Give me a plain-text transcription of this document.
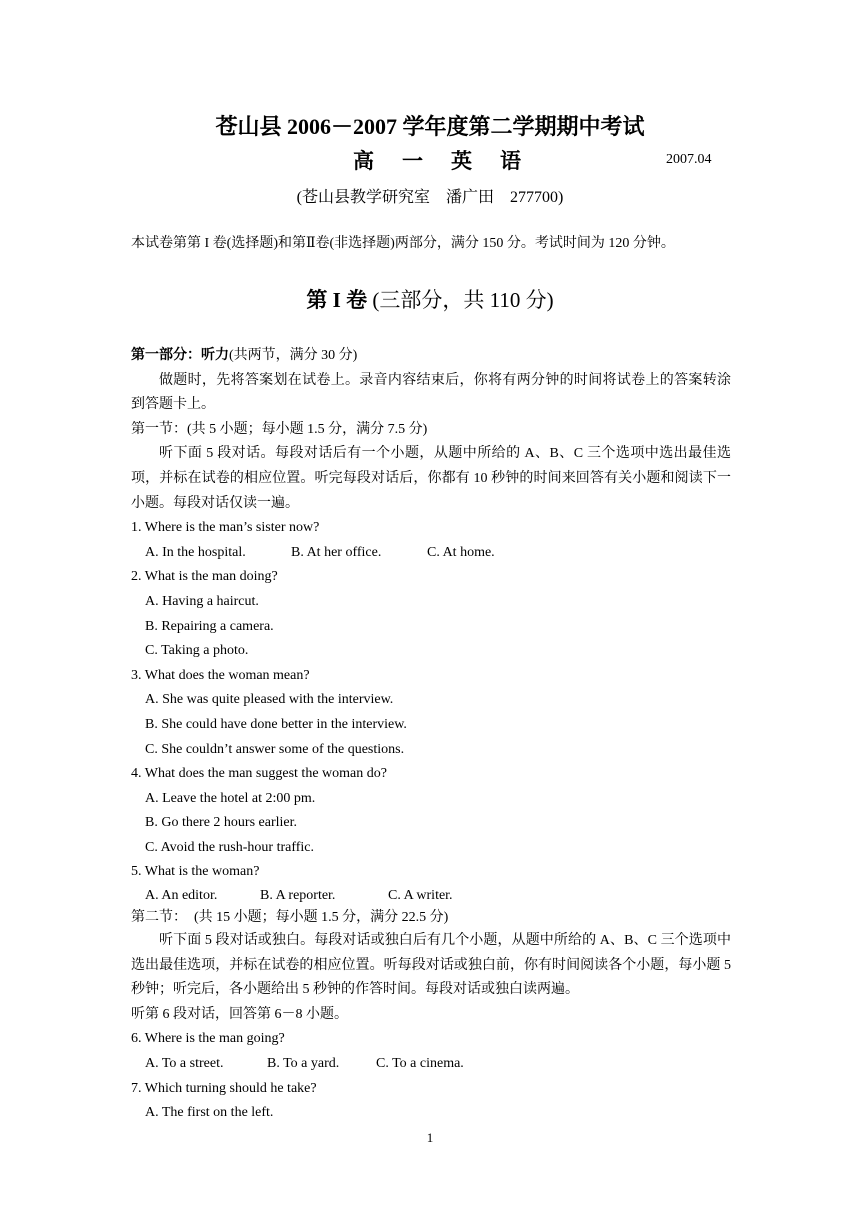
苍山县 2006－2007 学年度第二学期期中考试
高 一 英 语	2007.04
(苍山县教学研究室　潘广田　277700)
本试卷第第 I 卷(选择题)和第Ⅱ卷(非选择题)两部分，满分 150 分。考试时间为 120 分钟。
第 I 卷 (三部分，共 110 分)

第一部分：听力(共两节，满分 30 分)

做题时，先将答案划在试卷上。录音内容结束后，你将有两分钟的时间将试卷上的答案转涂到答题卡上。

第一节：(共 5 小题；每小题 1.5 分，满分 7.5 分)

听下面 5 段对话。每段对话后有一个小题，从题中所给的 A、B、C 三个选项中选出最佳选项，并标在试卷的相应位置。听完每段对话后，你都有 10 秒钟的时间来回答有关小题和阅读下一小题。每段对话仅读一遍。

1. Where is the man’s sister now?

A. In the hospital.	B. At her office.	C. At home.

2. What is the man doing?

A. Having a haircut.

B. Repairing a camera.

C. Taking a photo.

3. What does the woman mean?

A. She was quite pleased with the interview.

B. She could have done better in the interview.

C. She couldn’t answer some of the questions.

4. What does the man suggest the woman do?

A. Leave the hotel at 2:00 pm.

B. Go there 2 hours earlier.

C. Avoid the rush-hour traffic.

5. What is the woman?

A. An editor.	B. A reporter.	C. A writer.

第二节：　(共 15 小题；每小题 1.5 分，满分 22.5 分)

听下面 5 段对话或独白。每段对话或独白后有几个小题，从题中所给的 A、B、C 三个选项中选出最佳选项，并标在试卷的相应位置。听每段对话或独白前，你有时间阅读各个小题，每小题 5 秒钟；听完后，各小题给出 5 秒钟的作答时间。每段对话或独白读两遍。

听第 6 段对话，回答第 6－8 小题。

6. Where is the man going?

A. To a street.	B. To a yard.	C. To a cinema.

7. Which turning should he take?

A. The first on the left.

1
